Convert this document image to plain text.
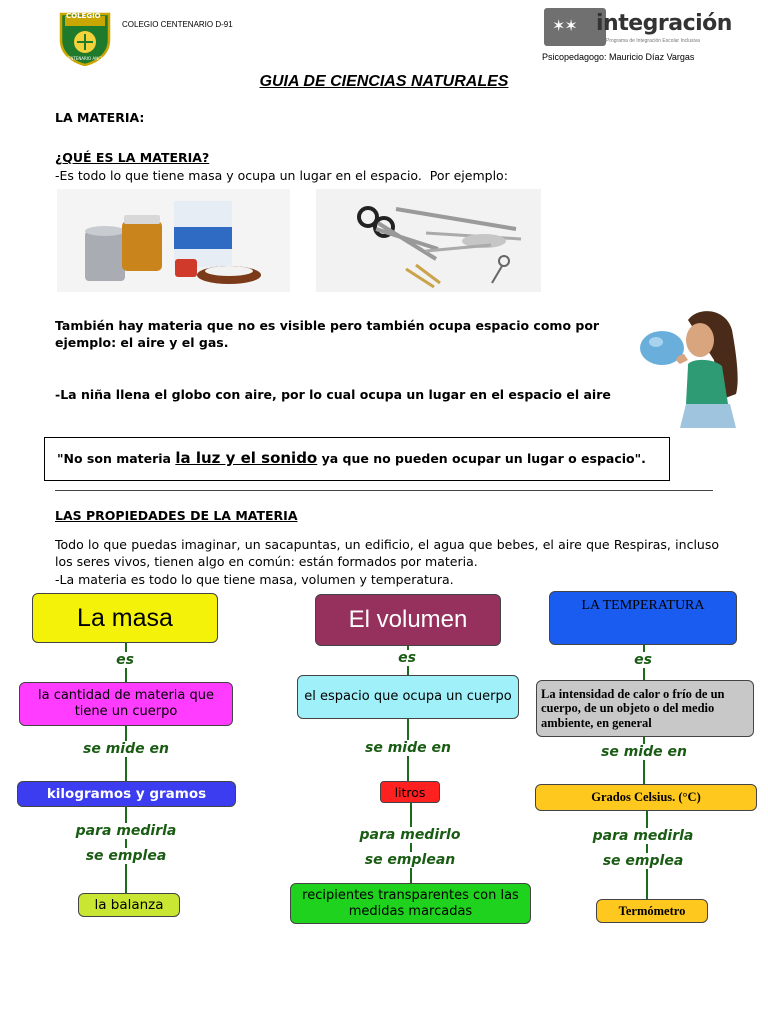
COLEGIO
CENTENARIO ANCUD
COLEGIO CENTENARIO D-91	✶✶ integración
Programa de Integración Escolar Inclusiva
Psicopedagogo: Mauricio Díaz Vargas
GUIA DE CIENCIAS NATURALES
LA MATERIA:
¿QUÉ ES LA MATERIA?
-Es todo lo que tiene masa y ocupa un lugar en el espacio.  Por ejemplo:
También hay materia que no es visible pero también ocupa espacio como por
ejemplo: el aire y el gas.
-La niña llena el globo con aire, por lo cual ocupa un lugar en el espacio el aire
"No son materia la luz y el sonido ya que no pueden ocupar un lugar o espacio".
LAS PROPIEDADES DE LA MATERIA
Todo lo que puedas imaginar, un sacapuntas, un edificio, el agua que bebes, el aire que Respiras, incluso los seres vivos, tienen algo en común: están formados por materia.
-La materia es todo lo que tiene masa, volumen y temperatura.
La masa
es
la cantidad de materia que tiene un cuerpo
se mide en
kilogramos y gramos
para medirla
se emplea
la balanza
El volumen
es
el espacio que ocupa un cuerpo
se mide en
litros
para medirlo
se emplean
recipientes transparentes con las medidas marcadas
LA TEMPERATURA
es
La intensidad de calor o frío de un cuerpo, de un objeto o del medio ambiente, en general
se mide en
Grados Celsius. (°C)
para medirla
se emplea
Termómetro
